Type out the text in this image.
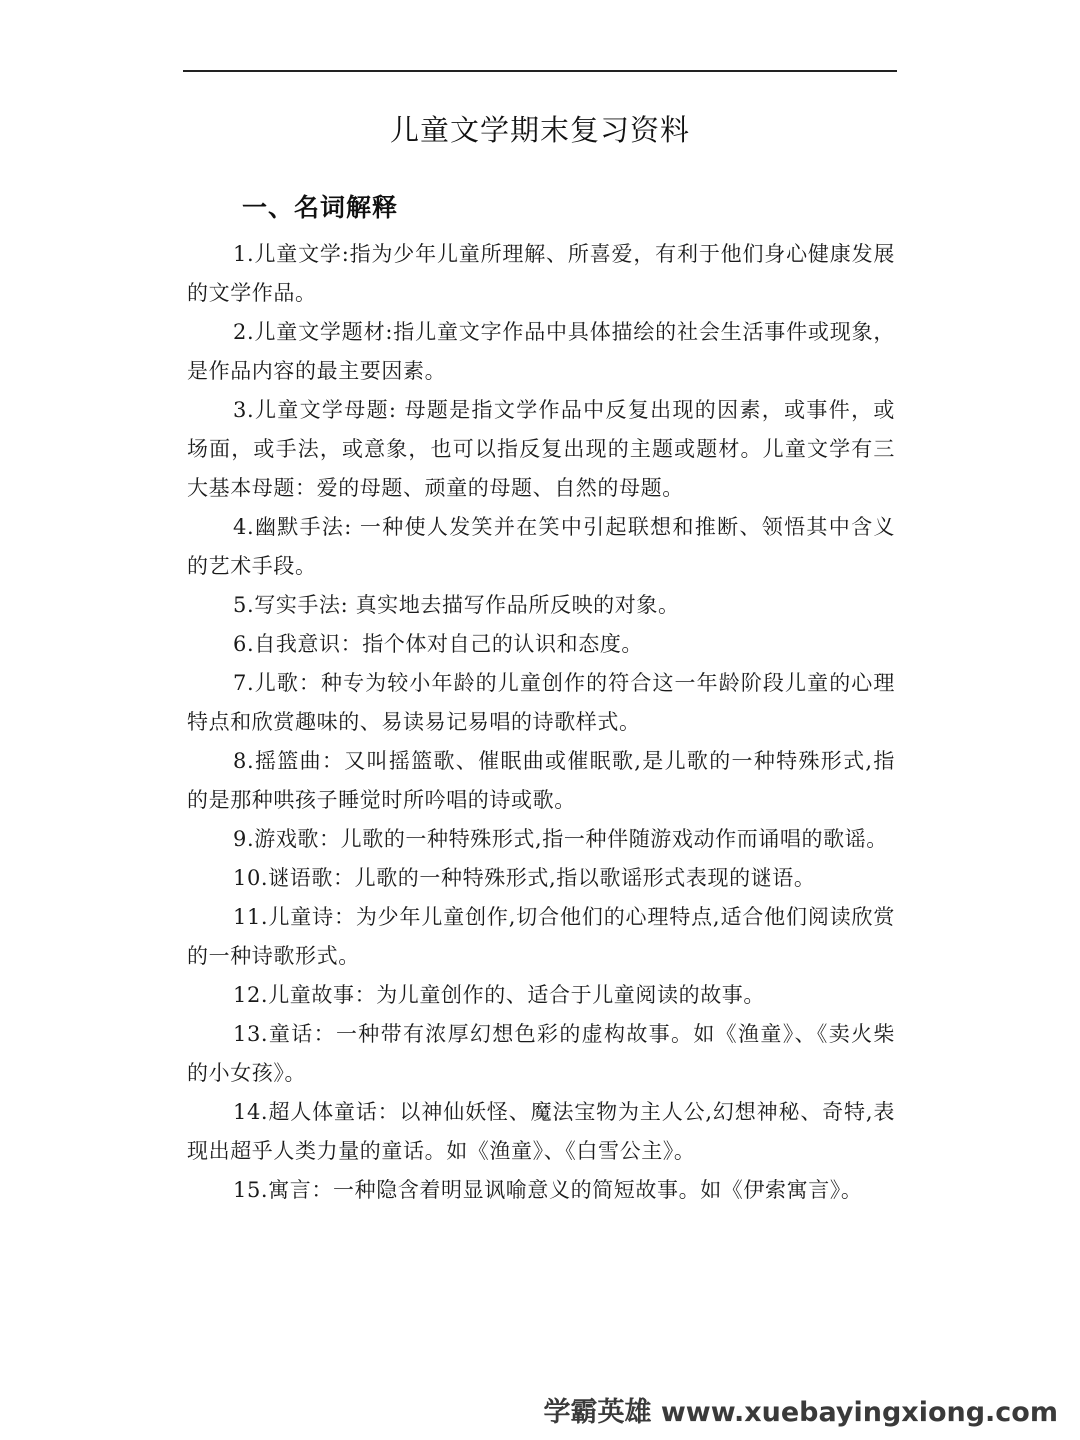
儿童文学期末复习资料
一、名词解释

1.儿童文学:指为少年儿童所理解、所喜爱，有利于他们身心健康发展的文学作品。

2.儿童文学题材:指儿童文字作品中具体描绘的社会生活事件或现象，是作品内容的最主要因素。

3.儿童文学母题: 母题是指文学作品中反复出现的因素，或事件，或场面，或手法，或意象，也可以指反复出现的主题或题材。儿童文学有三大基本母题：爱的母题、顽童的母题、自然的母题。

4.幽默手法: 一种使人发笑并在笑中引起联想和推断、领悟其中含义的艺术手段。

5.写实手法: 真实地去描写作品所反映的对象。

6.自我意识：指个体对自己的认识和态度。

7.儿歌：种专为较小年龄的儿童创作的符合这一年龄阶段儿童的心理特点和欣赏趣味的、易读易记易唱的诗歌样式。

8.摇篮曲：又叫摇篮歌、催眠曲或催眠歌,是儿歌的一种特殊形式,指的是那种哄孩子睡觉时所吟唱的诗或歌。

9.游戏歌：儿歌的一种特殊形式,指一种伴随游戏动作而诵唱的歌谣。

10.谜语歌：儿歌的一种特殊形式,指以歌谣形式表现的谜语。

11.儿童诗：为少年儿童创作,切合他们的心理特点,适合他们阅读欣赏的一种诗歌形式。

12.儿童故事：为儿童创作的、适合于儿童阅读的故事。

13.童话：一种带有浓厚幻想色彩的虚构故事。如《渔童》、《卖火柴的小女孩》。

14.超人体童话：以神仙妖怪、魔法宝物为主人公,幻想神秘、奇特,表现出超乎人类力量的童话。如《渔童》、《白雪公主》。

15.寓言：一种隐含着明显讽喻意义的简短故事。如《伊索寓言》。

学霸英雄 www.xuebayingxiong.com
